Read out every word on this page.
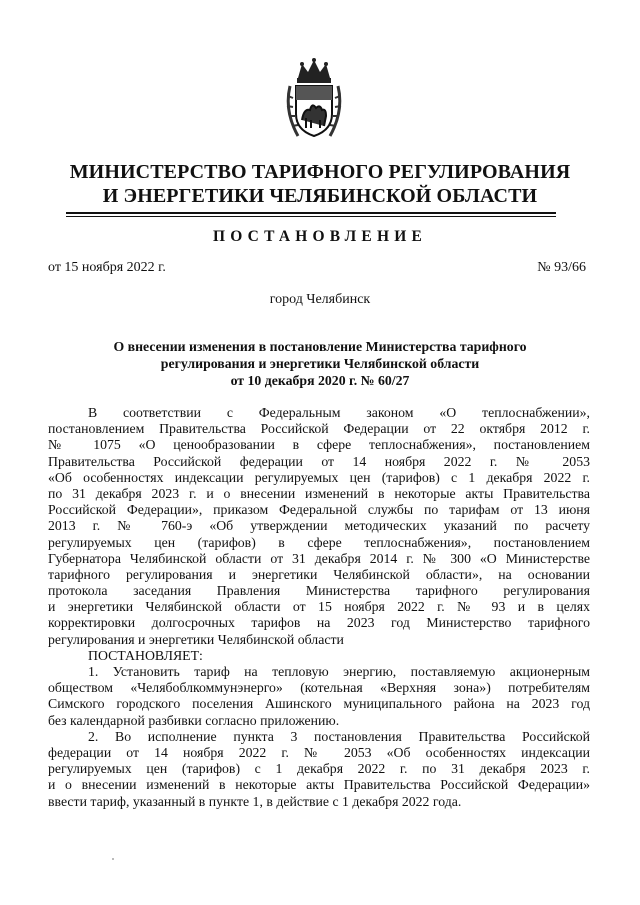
МИНИСТЕРСТВО ТАРИФНОГО РЕГУЛИРОВАНИЯ
И ЭНЕРГЕТИКИ ЧЕЛЯБИНСКОЙ ОБЛАСТИ
ПОСТАНОВЛЕНИЕ
от 15 ноября 2022 г.	№ 93/66
город Челябинск
О внесении изменения в постановление Министерства тарифного
регулирования и энергетики Челябинской области
от 10 декабря 2020 г. № 60/27
В соответствии с Федеральным законом «О теплоснабжении»,
постановлением Правительства Российской Федерации от 22 октября 2012 г.
№ 1075 «О ценообразовании в сфере теплоснабжения», постановлением
Правительства Российской федерации от 14 ноября 2022 г. № 2053
«Об особенностях индексации регулируемых цен (тарифов) с 1 декабря 2022 г.
по 31 декабря 2023 г. и о внесении изменений в некоторые акты Правительства
Российской Федерации», приказом Федеральной службы по тарифам от 13 июня
2013 г. № 760-э «Об утверждении методических указаний по расчету
регулируемых цен (тарифов) в сфере теплоснабжения», постановлением
Губернатора Челябинской области от 31 декабря 2014 г. № 300 «О Министерстве
тарифного регулирования и энергетики Челябинской области», на основании
протокола заседания Правления Министерства тарифного регулирования
и энергетики Челябинской области от 15 ноября 2022 г. № 93 и в целях
корректировки долгосрочных тарифов на 2023 год Министерство тарифного
регулирования и энергетики Челябинской области
ПОСТАНОВЛЯЕТ:
1. Установить тариф на тепловую энергию, поставляемую акционерным
обществом «Челябоблкоммунэнерго» (котельная «Верхняя зона») потребителям
Симского городского поселения Ашинского муниципального района на 2023 год
без календарной разбивки согласно приложению.
2. Во исполнение пункта 3 постановления Правительства Российской
федерации от 14 ноября 2022 г. № 2053 «Об особенностях индексации
регулируемых цен (тарифов) с 1 декабря 2022 г. по 31 декабря 2023 г.
и о внесении изменений в некоторые акты Правительства Российской Федерации»
ввести тариф, указанный в пункте 1, в действие с 1 декабря 2022 года.
